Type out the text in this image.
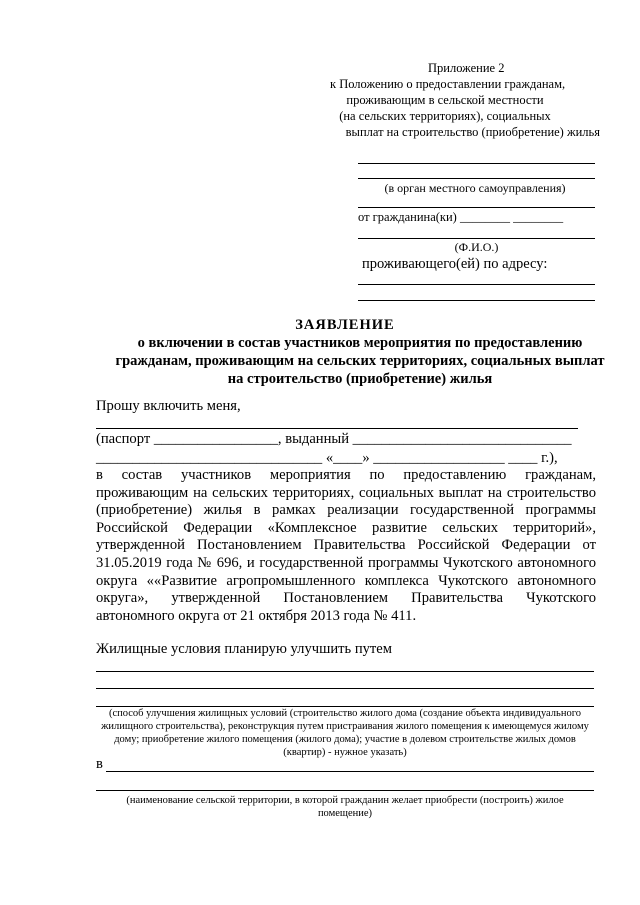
Приложение 2
к Положению о предоставлении гражданам,
проживающим в сельской местности
(на сельских территориях), социальных
выплат на строительство (приобретение) жилья
(в орган местного самоуправления)
от гражданина(ки) ________ ________
(Ф.И.О.)
проживающего(ей) по адресу:
ЗАЯВЛЕНИЕ
о включении в состав участников мероприятия по предоставлению
гражданам, проживающим на сельских территориях, социальных выплат
на строительство (приобретение) жилья
Прошу включить меня,
(паспорт _________________, выданный ______________________________
_______________________________ «____» __________________ ____ г.),
в состав участников мероприятия по предоставлению гражданам, проживающим на сельских территориях, социальных выплат на строительство (приобретение) жилья в рамках реализации государственной программы Российской Федерации «Комплексное развитие сельских территорий», утвержденной Постановлением Правительства Российской Федерации от 31.05.2019 года № 696, и государственной программы Чукотского автономного округа ««Развитие агропромышленного комплекса Чукотского автономного округа», утвержденной Постановлением Правительства Чукотского автономного округа от 21 октября 2013 года № 411.
Жилищные условия планирую улучшить путем
(способ улучшения жилищных условий (строительство жилого дома (создание объекта индивидуального жилищного строительства), реконструкция путем пристраивания жилого помещения к имеющемуся жилому дому; приобретение жилого помещения (жилого дома); участие в долевом строительстве жилых домов (квартир) - нужное указать)
в
(наименование сельской территории, в которой гражданин желает приобрести (построить) жилое помещение)
